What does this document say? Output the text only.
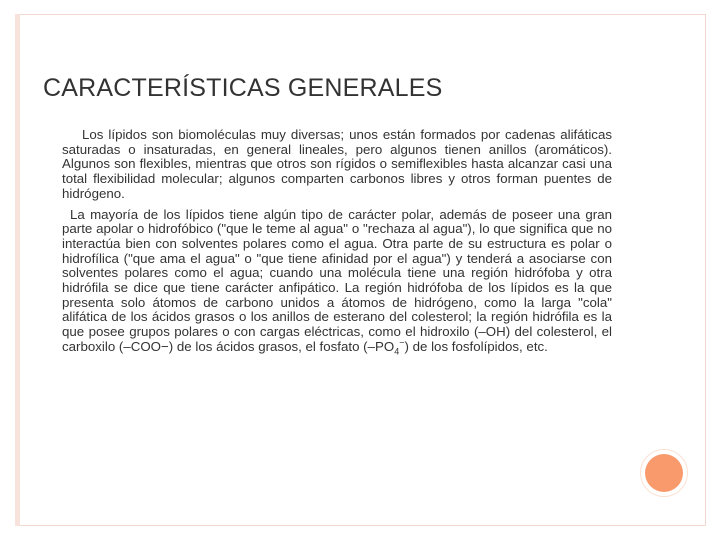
CARACTERÍSTICAS GENERALES

Los lípidos son biomoléculas muy diversas; unos están formados por cadenas alifáticas saturadas o insaturadas, en general lineales, pero algunos tienen anillos (aromáticos). Algunos son flexibles, mientras que otros son rígidos o semiflexibles hasta alcanzar casi una total flexibilidad molecular; algunos comparten carbonos libres y otros forman puentes de hidrógeno.

La mayoría de los lípidos tiene algún tipo de carácter polar, además de poseer una gran parte apolar o hidrofóbico ("que le teme al agua" o "rechaza al agua"), lo que significa que no interactúa bien con solventes polares como el agua. Otra parte de su estructura es polar o hidrofílica ("que ama el agua" o "que tiene afinidad por el agua") y tenderá a asociarse con solventes polares como el agua; cuando una molécula tiene una región hidrófoba y otra hidrófila se dice que tiene carácter anfipático. La región hidrófoba de los lípidos es la que presenta solo átomos de carbono unidos a átomos de hidrógeno, como la larga "cola" alifática de los ácidos grasos o los anillos de esterano del colesterol; la región hidrófila es la que posee grupos polares o con cargas eléctricas, como el hidroxilo (–OH) del colesterol, el carboxilo (–COO−) de los ácidos grasos, el fosfato $(-PO_4^-)$ de los fosfolípidos, etc.
